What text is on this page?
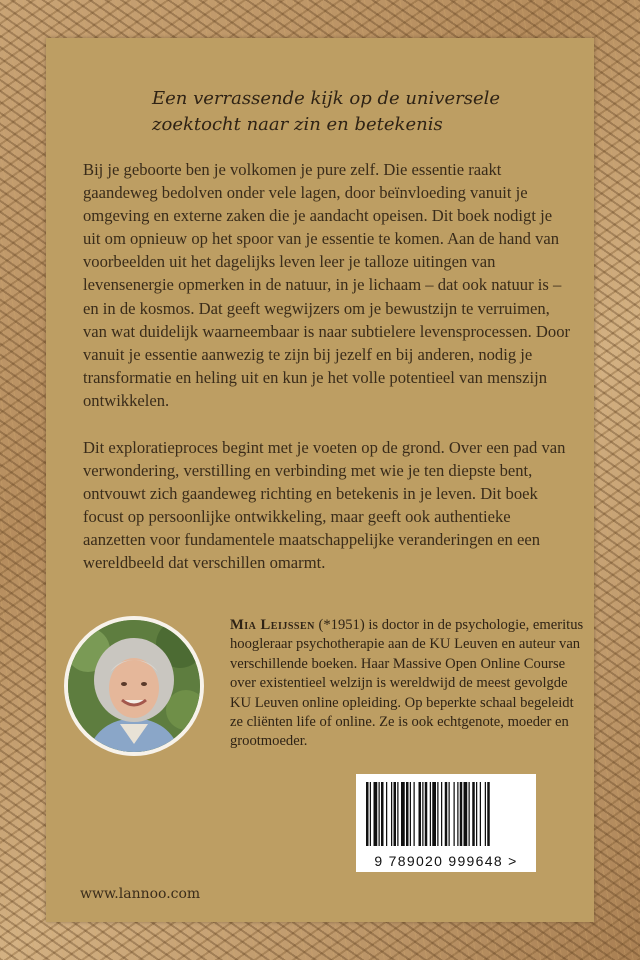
Een verrassende kijk op de universele zoektocht naar zin en betekenis

Bij je geboorte ben je volkomen je pure zelf. Die essentie raakt gaandeweg bedolven onder vele lagen, door beïnvloeding vanuit je omgeving en externe zaken die je aandacht opeisen. Dit boek nodigt je uit om opnieuw op het spoor van je essentie te komen. Aan de hand van voorbeelden uit het dagelijks leven leer je talloze uitingen van levensenergie opmerken in de natuur, in je lichaam – dat ook natuur is – en in de kosmos. Dat geeft wegwijzers om je bewustzijn te verruimen, van wat duidelijk waarneembaar is naar subtielere levensprocessen. Door vanuit je essentie aanwezig te zijn bij jezelf en bij anderen, nodig je transformatie en heling uit en kun je het volle potentieel van menszijn ontwikkelen.

Dit exploratieproces begint met je voeten op de grond. Over een pad van verwondering, verstilling en verbinding met wie je ten diepste bent, ontvouwt zich gaandeweg richting en betekenis in je leven. Dit boek focust op persoonlijke ontwikkeling, maar geeft ook authentieke aanzetten voor fundamentele maatschappelijke veranderingen en een wereldbeeld dat verschillen omarmt.

Mia Leijssen (*1951) is doctor in de psychologie, emeritus hoogleraar psychotherapie aan de KU Leuven en auteur van verschillende boeken. Haar Massive Open Online Course over existentieel welzijn is wereldwijd de meest gevolgde KU Leuven online opleiding. Op beperkte schaal begeleidt ze cliënten life of online. Ze is ook echtgenote, moeder en grootmoeder.

www.lannoo.com

9 789020 999648 >
